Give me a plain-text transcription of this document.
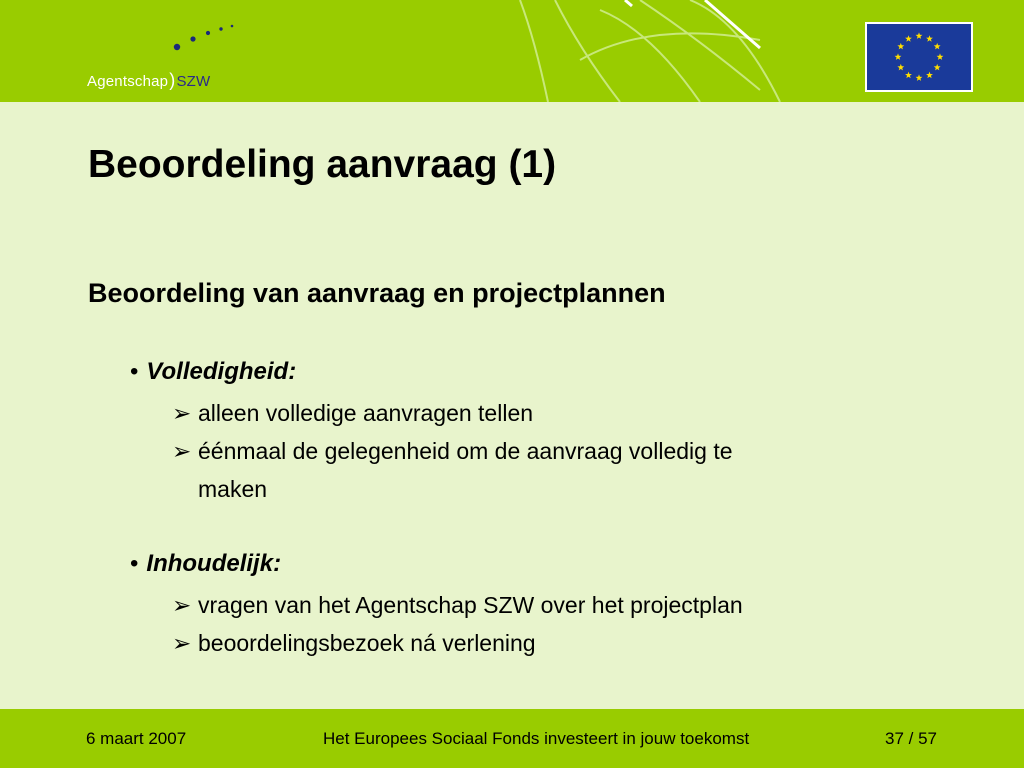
Agentschap)SZW
Beoordeling aanvraag (1)
Beoordeling van aanvraag en projectplannen
• Volledigheid:
➢ alleen volledige aanvragen tellen
➢ éénmaal de gelegenheid om de aanvraag volledig te
maken
• Inhoudelijk:
➢ vragen van het Agentschap SZW over het projectplan
➢ beoordelingsbezoek ná verlening
6 maart 2007	Het Europees Sociaal Fonds investeert in jouw toekomst	37 / 57
